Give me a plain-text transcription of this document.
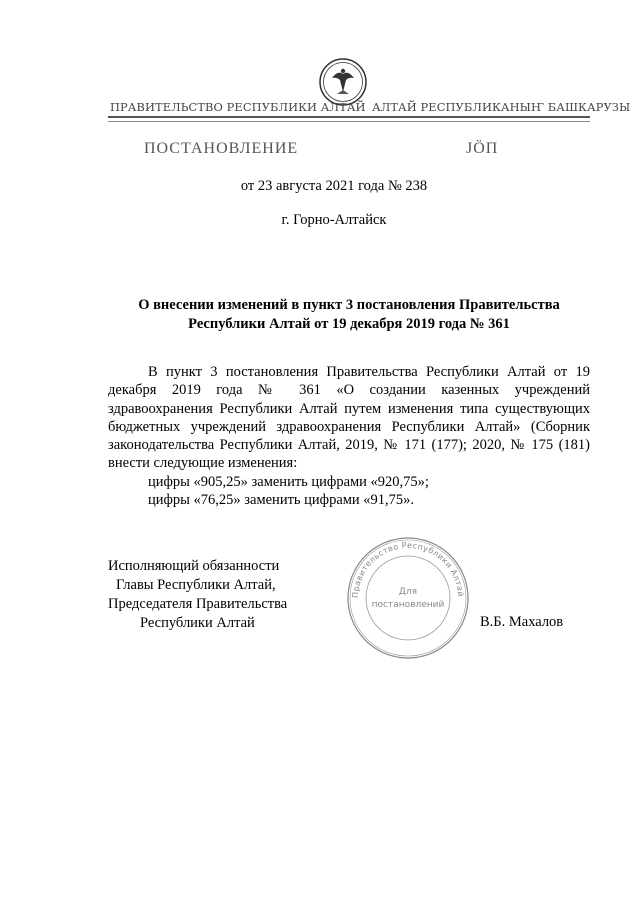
ПРАВИТЕЛЬСТВО РЕСПУБЛИКИ АЛТАЙ АЛТАЙ РЕСПУБЛИКАНЫҤ БАШКАРУЗЫ
ПОСТАНОВЛЕНИЕ	ЈӦП
от 23 августа 2021 года № 238
г. Горно-Алтайск
О внесении изменений в пункт 3 постановления Правительства
Республики Алтай от 19 декабря 2019 года № 361

В пункт 3 постановления Правительства Республики Алтай от 19 декабря 2019 года № 361 «О создании казенных учреждений здравоохранения Республики Алтай путем изменения типа существующих бюджетных учреждений здравоохранения Республики Алтай» (Сборник законодательства Республики Алтай, 2019, № 171 (177); 2020, № 175 (181) внести следующие изменения:

цифры «905,25» заменить цифрами «920,75»;

цифры «76,25» заменить цифрами «91,75».

Исполняющий обязанности
Главы Республики Алтай,
Председателя Правительства
Республики Алтай
Правительство Республики Алтай
Для
постановлений
В.Б. Махалов
